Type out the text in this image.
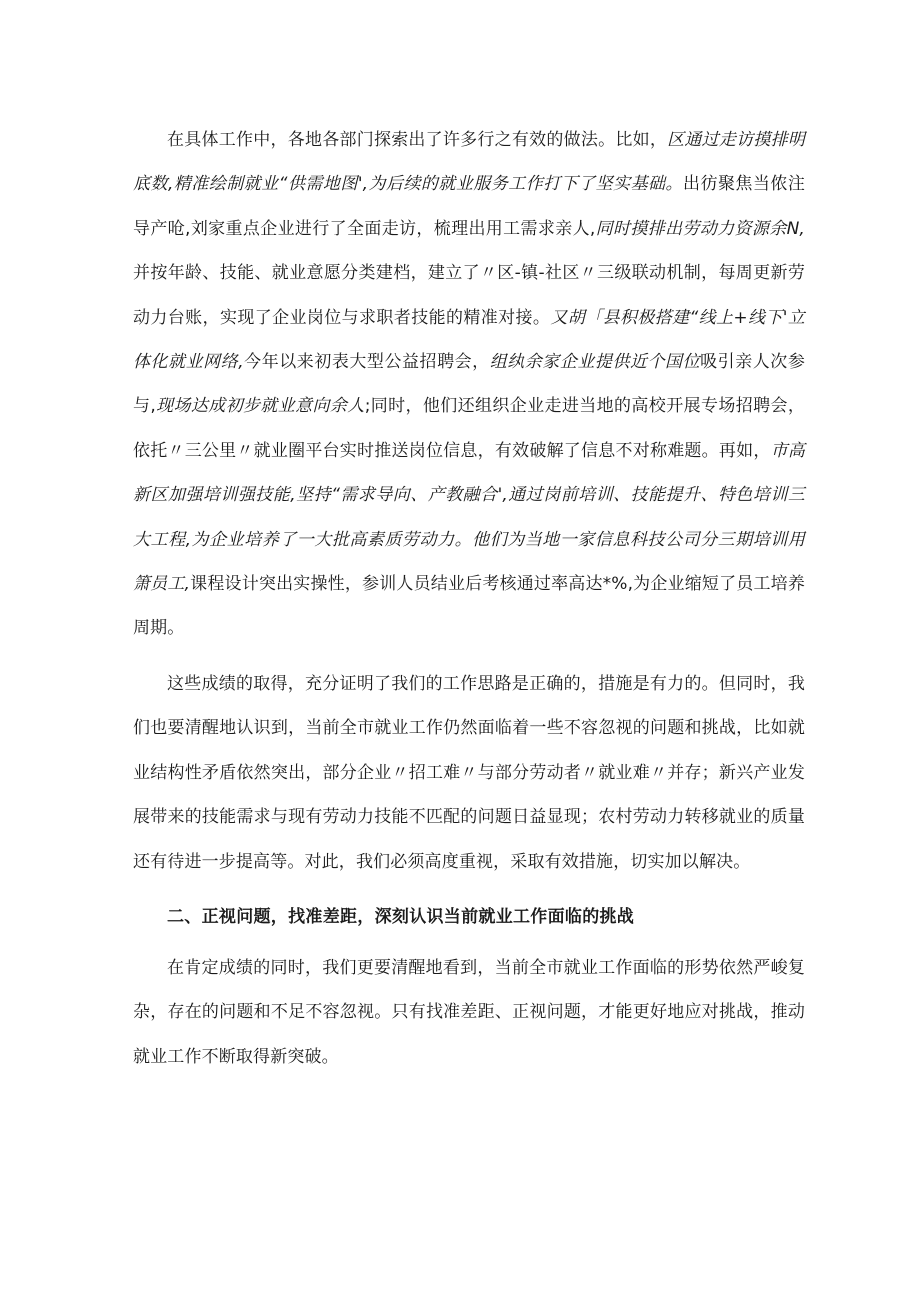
在具体工作中，各地各部门探索出了许多行之有效的做法。比如，区通过走访摸排明底数,精准绘制就业“供需地图',为后续的就业服务工作打下了坚实基础。出彷聚焦当侬注导产呛,刘家重点企业进行了全面走访，梳理出用工需求亲人,同时摸排出劳动力资源余N,并按年龄、技能、就业意愿分类建档，建立了〃区-镇-社区〃三级联动机制，每周更新劳动力台账，实现了企业岗位与求职者技能的精准对接。又胡「县积极搭建“线上+线下'立体化就业网络,今年以来初表大型公益招聘会，组纨余家企业提供近个国位吸引亲人次参与,现场达成初步就业意向余人;同时，他们还组织企业走进当地的高校开展专场招聘会，依托〃三公里〃就业圈平台实时推送岗位信息，有效破解了信息不对称难题。再如，市高新区加强培训强技能,坚持“需求导向、产教融合',通过岗前培训、技能提升、特色培训三大工程,为企业培养了一大批高素质劳动力。他们为当地一家信息科技公司分三期培训用箫员工,课程设计突出实操性，参训人员结业后考核通过率高达*%,为企业缩短了员工培养周期。

这些成绩的取得，充分证明了我们的工作思路是正确的，措施是有力的。但同时，我们也要清醒地认识到，当前全市就业工作仍然面临着一些不容忽视的问题和挑战，比如就业结构性矛盾依然突出，部分企业〃招工难〃与部分劳动者〃就业难〃并存；新兴产业发展带来的技能需求与现有劳动力技能不匹配的问题日益显现；农村劳动力转移就业的质量还有待进一步提高等。对此，我们必须高度重视，采取有效措施，切实加以解决。

二、正视问题，找准差距，深刻认识当前就业工作面临的挑战

在肯定成绩的同时，我们更要清醒地看到，当前全市就业工作面临的形势依然严峻复杂，存在的问题和不足不容忽视。只有找准差距、正视问题，才能更好地应对挑战，推动就业工作不断取得新突破。
